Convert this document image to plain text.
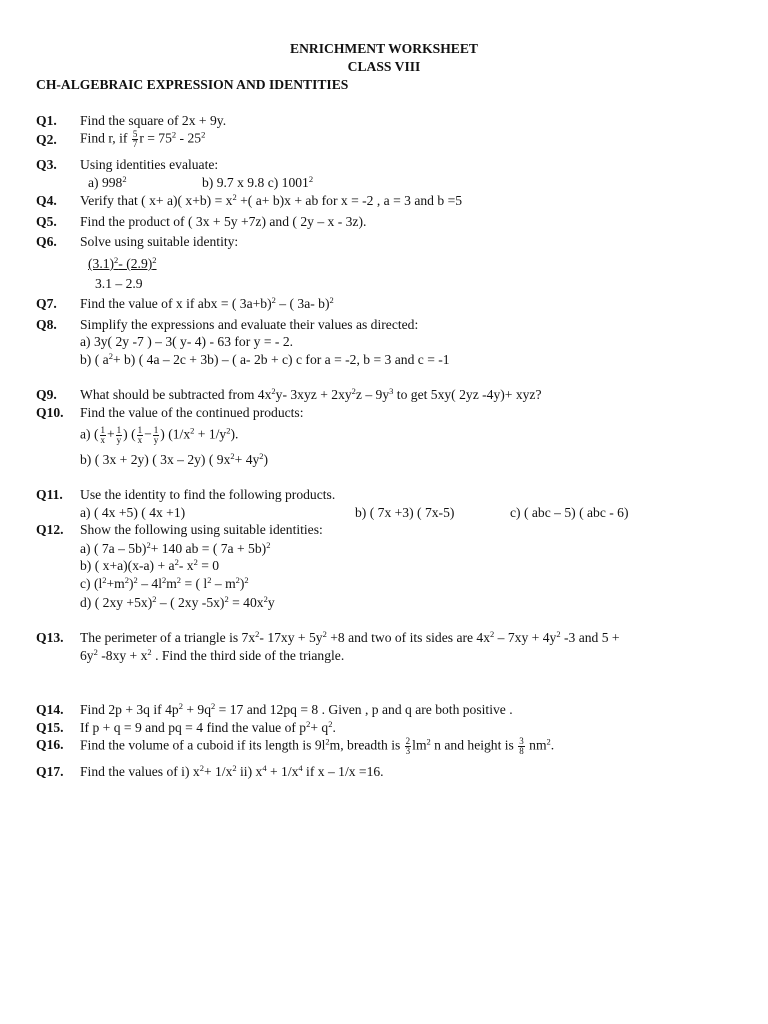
ENRICHMENT WORKSHEET
CLASS VIII
CH-ALGEBRAIC EXPRESSION AND IDENTITIES
Q1. Find the square of 2x + 9y.
Q2. Find r, if $\frac{5}{7}$ $r = 75^2 - 25^2$
Q3. Using identities evaluate:
a) $998^2$	b) 9.7 x 9.8 c) 1001$^2$
Q4. Verify that ( x+ a)( $x+b) = x^2$ +( a+ b)x + ab for x = -2 , a = 3 and b =5
Q5. Find the product of ( 3x + 5y +7z) and ( 2y – x - 3z).
Q6. Solve using suitable identity:
$(3.1)^2-$ $(2.9)^2$
3.1 – 2.9
Q7. Find the value of x if abx = ( 3a+b)$^2$ – ( 3a- b)$^2$
Q8. Simplify the expressions and evaluate their values as directed:
a) 3y( 2y -7 ) – 3( y- 4) - 63 for y = - 2.
b) ( $a^2+ b$) ( 4a – 2c + 3b) – ( a- 2b + c) c for a = -2, b = 3 and c = -1
Q9. What should be subtracted from $4x^2y-$ $3xyz + 2xy^2z - 9y^3$ to get 5xy( 2yz -4y)+ xyz?
Q10. Find the value of the continued products:
a) ( $\frac{1}{x} + \frac{1}{y}$ ) ( $\frac{1}{x} - \frac{1}{y}$ ) $(1/x^2 + 1/y^2)$.
b) ( 3x + 2y) ( 3x – 2y) ( $9x^2+ 4y^2$)
Q11. Use the identity to find the following products.
a) ( 4x +5) ( 4x +1)	b) ( 7x +3) ( 7x-5)	c) ( abc – 5) ( abc - 6)
Q12. Show the following using suitable identities:
a) ( 7a – 5b)$^2$+ 140 ab = ( 7a + 5b)$^2$
b) ( $x+a)(x-a) + a^2-$ $x^2 = 0$
c) $(l^2+m^2)^2 - 4l^2m^2$ = ( $l^2 - m^2)^2$
d) ( 2xy +5x)$^2$ – ( 2xy $-5x)^2 = 40x^2y$
Q13. The perimeter of a triangle is $7x^2-$ $17xy + 5y^2 +8$ and two of its sides are $4x^2 - 7xy + 4y^2$ -3 and 5 +
$6y^2$ $-8xy + x^2$ . Find the third side of the triangle.
Q14. Find 2p + 3q if $4p^2 + 9q^2 = 17$ and 12pq = 8 . Given , p and q are both positive .
Q15. If p + q = 9 and pq = 4 find the value of $p^2+ q^2$.
Q16. Find the volume of a cuboid if its length is $9l^2m$, breadth is $\frac{2}{3} lm^2$ n and height is $\frac{3}{8} nm^2$.
Q17. Find the values of i) $x^2+ 1/x^2$ ii) $x^4 + 1/x^4$ if x – 1/x =16.
